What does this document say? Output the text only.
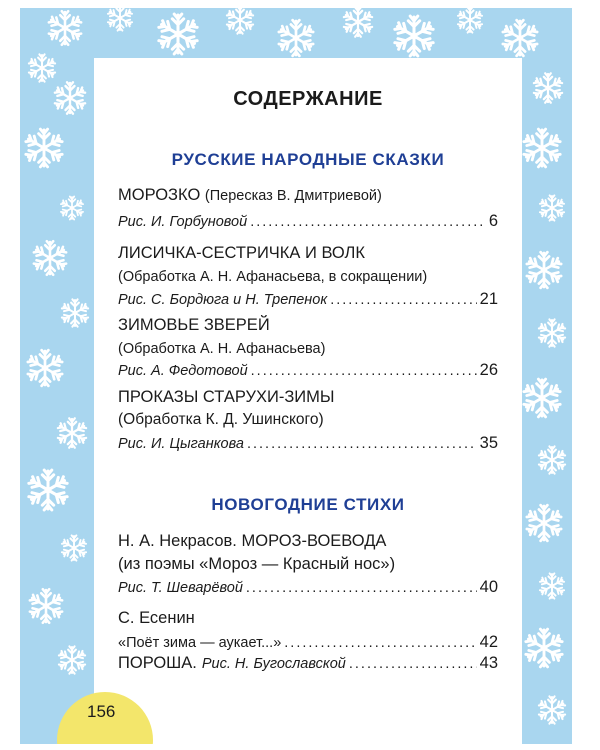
СОДЕРЖАНИЕ
РУССКИЕ НАРОДНЫЕ СКАЗКИ
МОРОЗКО (Пересказ В. Дмитриевой)
Рис. И. Горбуновой .....	6
ЛИСИЧКА-СЕСТРИЧКА И ВОЛК
(Обработка А. Н. Афанасьева, в сокращении)
Рис. С. Бордюга и Н. Трепенок .....	21
ЗИМОВЬЕ ЗВЕРЕЙ
(Обработка А. Н. Афанасьева)
Рис. А. Федотовой .....	26
ПРОКАЗЫ СТАРУХИ-ЗИМЫ
(Обработка К. Д. Ушинского)
Рис. И. Цыганкова .....	35
НОВОГОДНИЕ СТИХИ
Н. А. Некрасов. МОРОЗ-ВОЕВОДА
(из поэмы «Мороз — Красный нос»)
Рис. Т. Шеварёвой .....	40
С. Есенин
«Поёт зима — аукает...» .....	42
ПОРОША. Рис. Н. Бугославской .....	43
156
